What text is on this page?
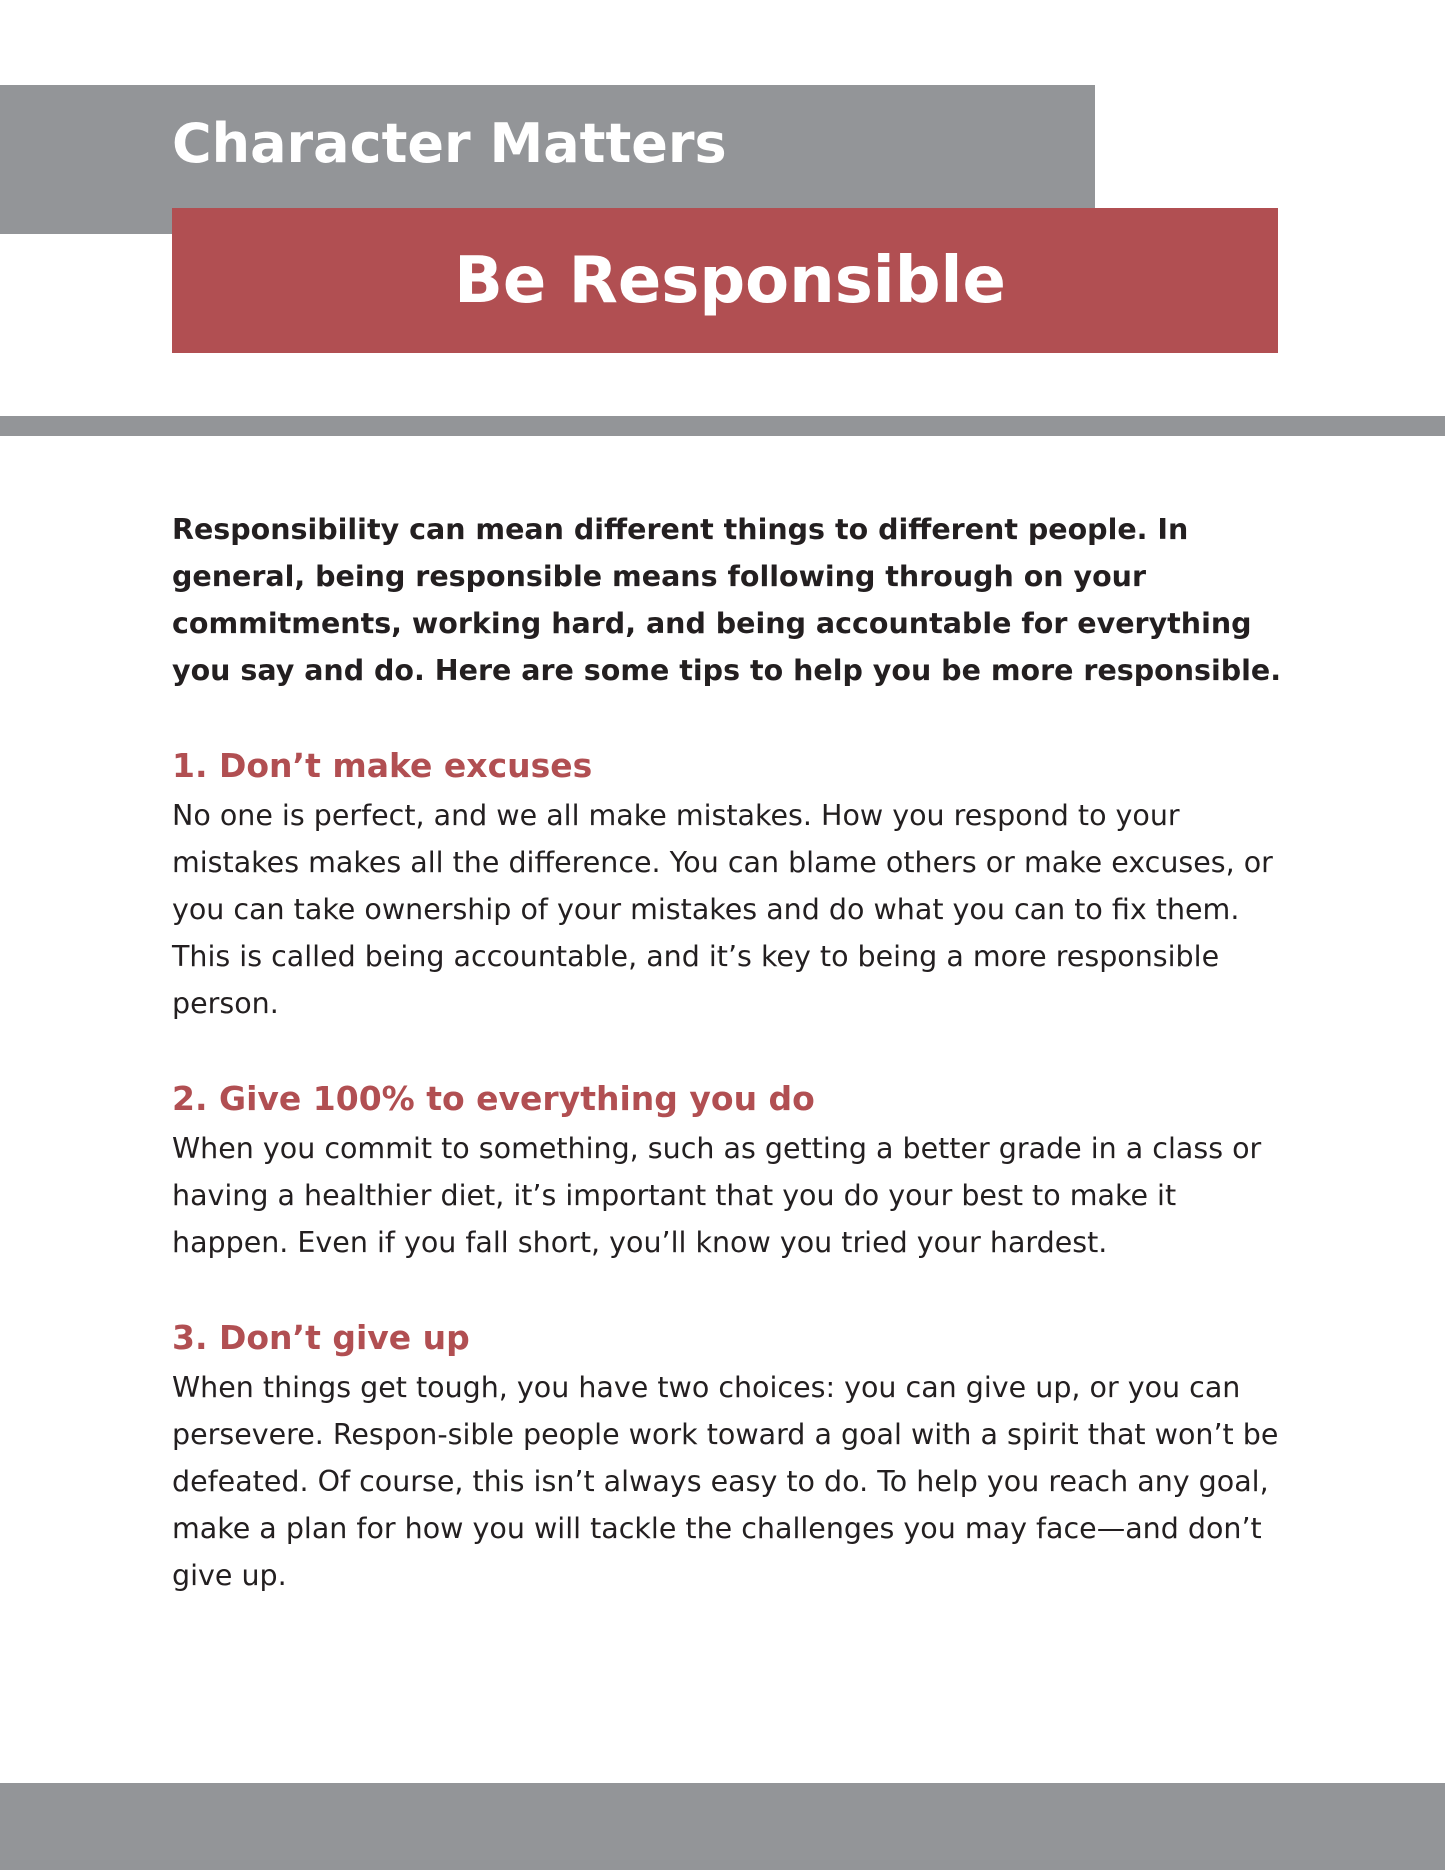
Character Matters
Be Responsible

Responsibility can mean different things to different people. In general, being responsible means following through on your commitments, working hard, and being accountable for everything you say and do. Here are some tips to help you be more responsible.

1. Don’t make excuses

No one is perfect, and we all make mistakes. How you respond to your mistakes makes all the difference. You can blame others or make excuses, or you can take ownership of your mistakes and do what you can to fix them. This is called being accountable, and it’s key to being a more responsible person.

2. Give 100% to everything you do

When you commit to something, such as getting a better grade in a class or having a healthier diet, it’s important that you do your best to make it happen. Even if you fall short, you’ll know you tried your hardest.

3. Don’t give up

When things get tough, you have two choices: you can give up, or you can persevere. Respon-sible people work toward a goal with a spirit that won’t be defeated. Of course, this isn’t always easy to do. To help you reach any goal, make a plan for how you will tackle the challenges you may face—and don’t give up.
